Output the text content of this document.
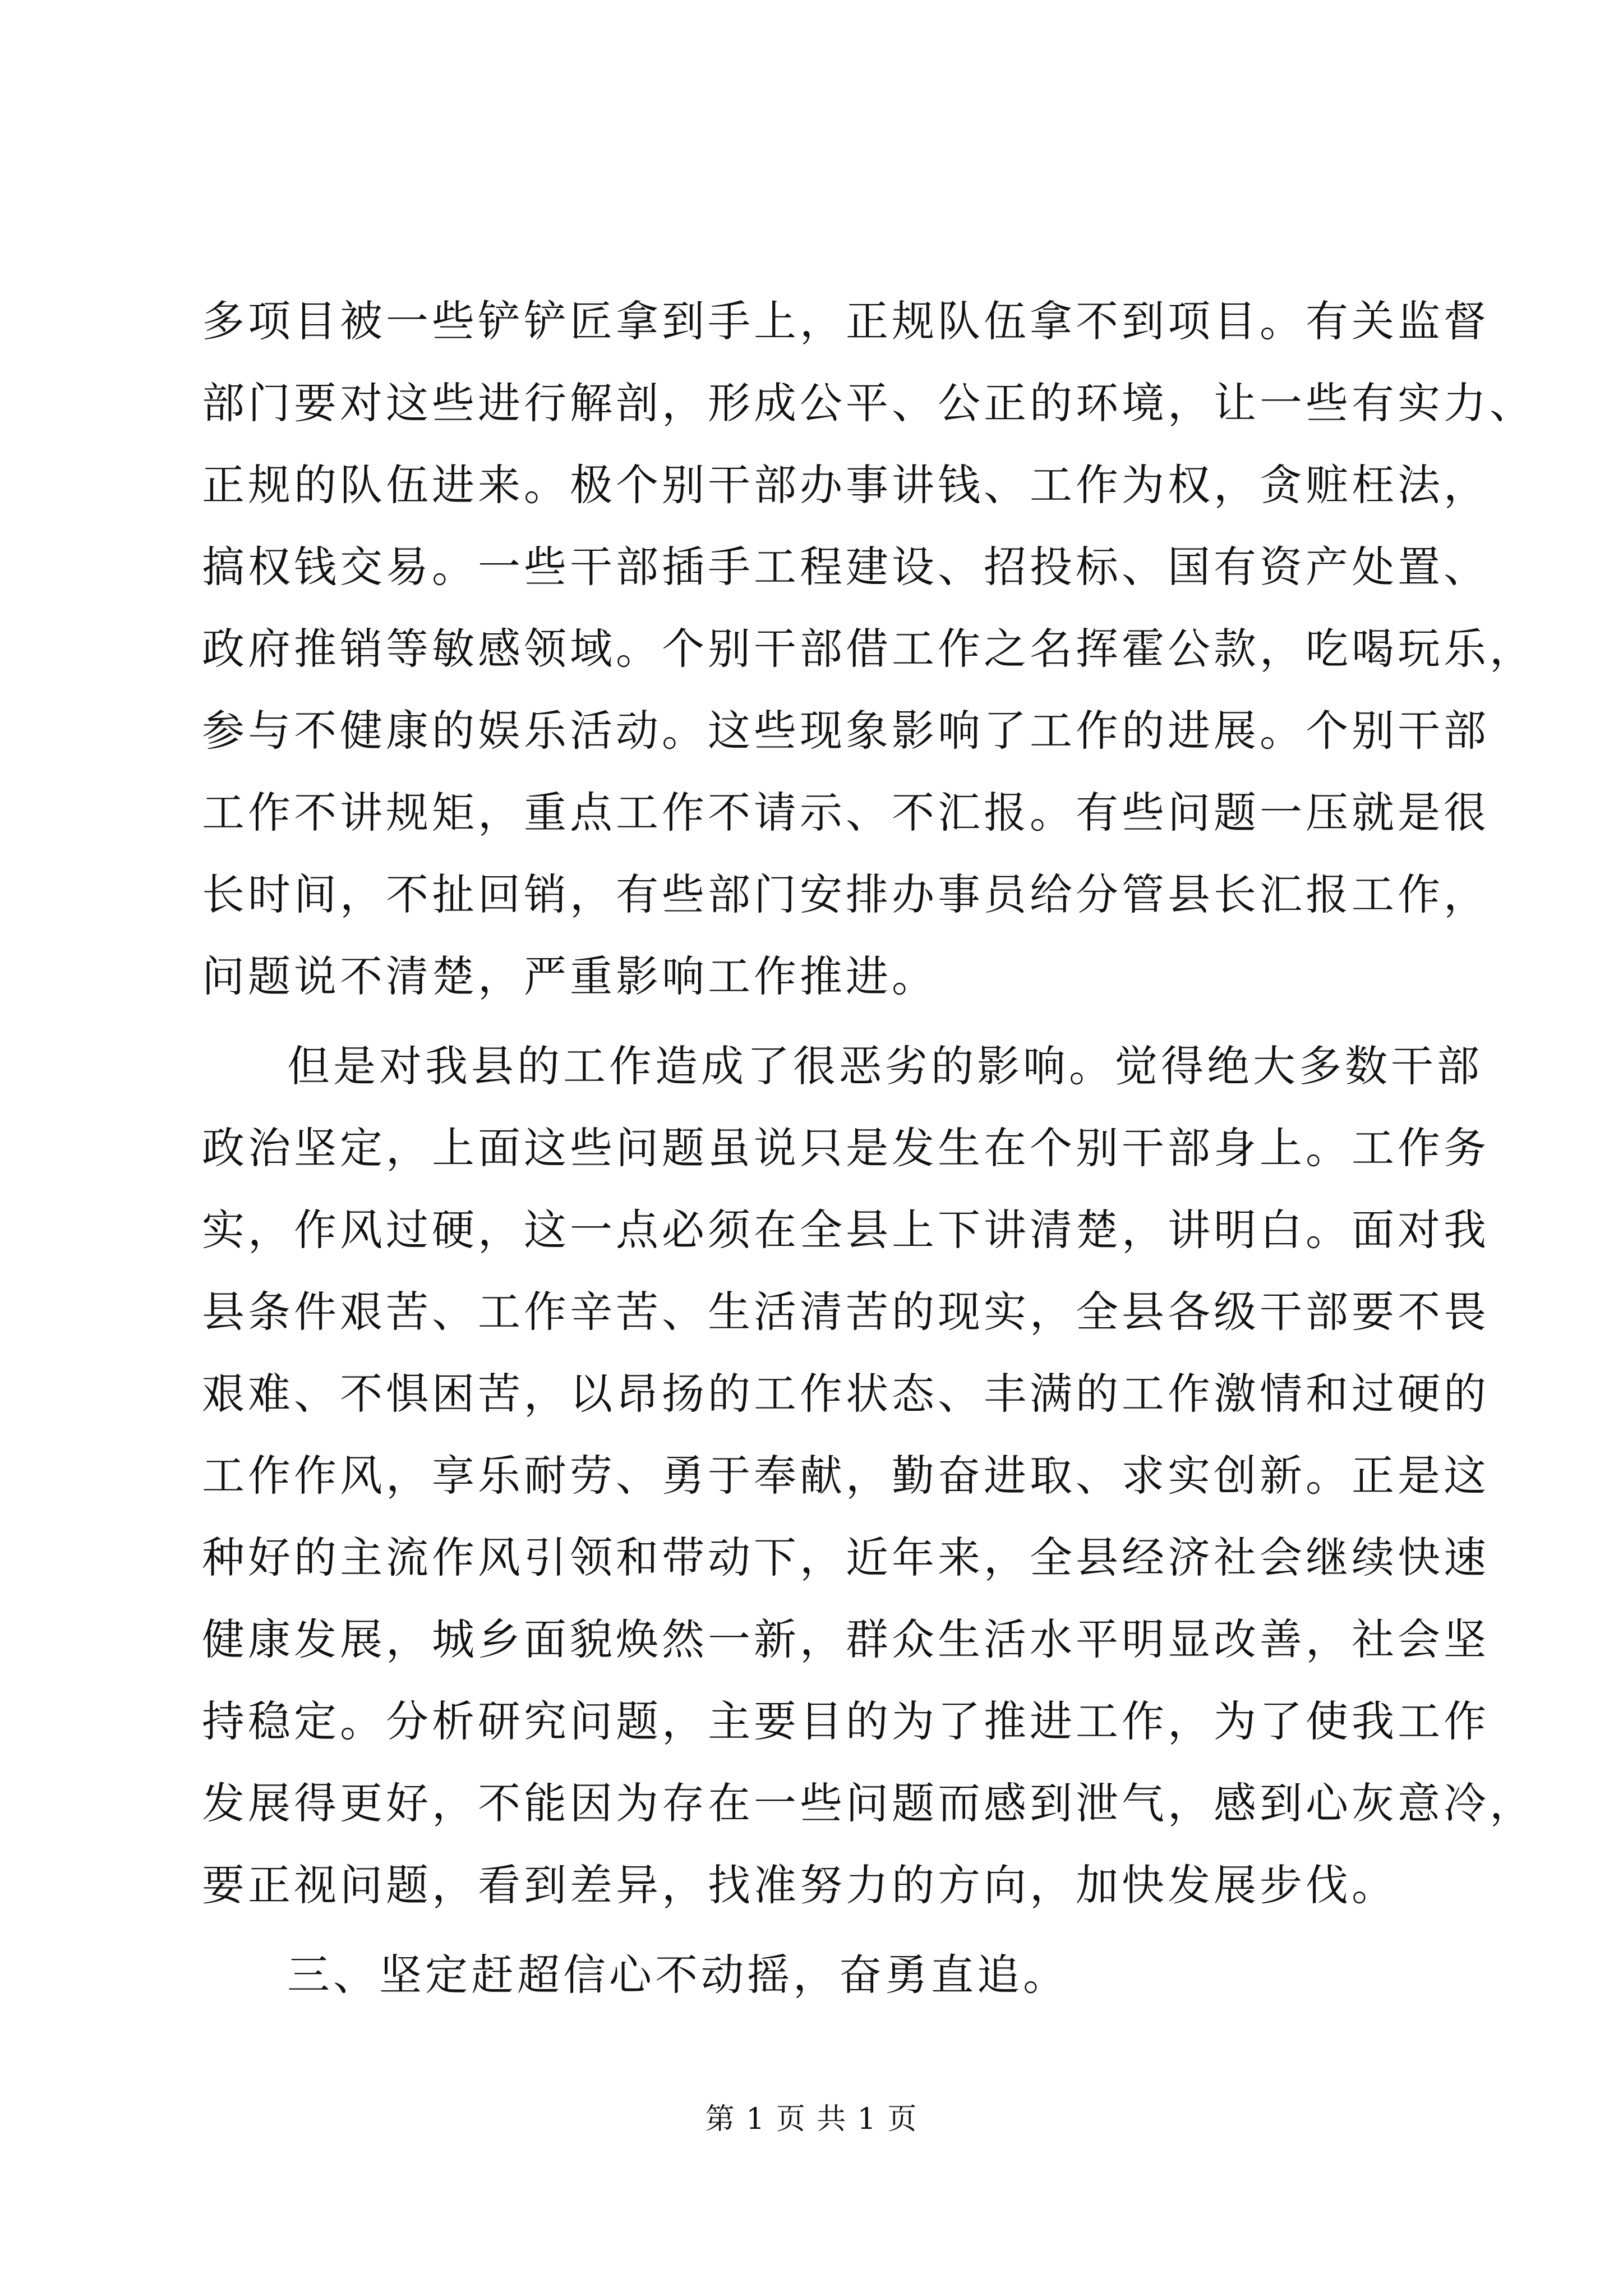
多项目被一些铲铲匠拿到手上，正规队伍拿不到项目。有关监督
部门要对这些进行解剖，形成公平、公正的环境，让一些有实力、
正规的队伍进来。极个别干部办事讲钱、工作为权，贪赃枉法，
搞权钱交易。一些干部插手工程建设、招投标、国有资产处置、
政府推销等敏感领域。个别干部借工作之名挥霍公款，吃喝玩乐，
参与不健康的娱乐活动。这些现象影响了工作的进展。个别干部
工作不讲规矩，重点工作不请示、不汇报。有些问题一压就是很
长时间，不扯回销，有些部门安排办事员给分管县长汇报工作，
问题说不清楚，严重影响工作推进。
但是对我县的工作造成了很恶劣的影响。觉得绝大多数干部
政治坚定，上面这些问题虽说只是发生在个别干部身上。工作务
实，作风过硬，这一点必须在全县上下讲清楚，讲明白。面对我
县条件艰苦、工作辛苦、生活清苦的现实，全县各级干部要不畏
艰难、不惧困苦，以昂扬的工作状态、丰满的工作激情和过硬的
工作作风，享乐耐劳、勇于奉献，勤奋进取、求实创新。正是这
种好的主流作风引领和带动下，近年来，全县经济社会继续快速
健康发展，城乡面貌焕然一新，群众生活水平明显改善，社会坚
持稳定。分析研究问题，主要目的为了推进工作，为了使我工作
发展得更好，不能因为存在一些问题而感到泄气，感到心灰意冷，
要正视问题，看到差异，找准努力的方向，加快发展步伐。
三、坚定赶超信心不动摇，奋勇直追。
第 1 页 共 1 页
